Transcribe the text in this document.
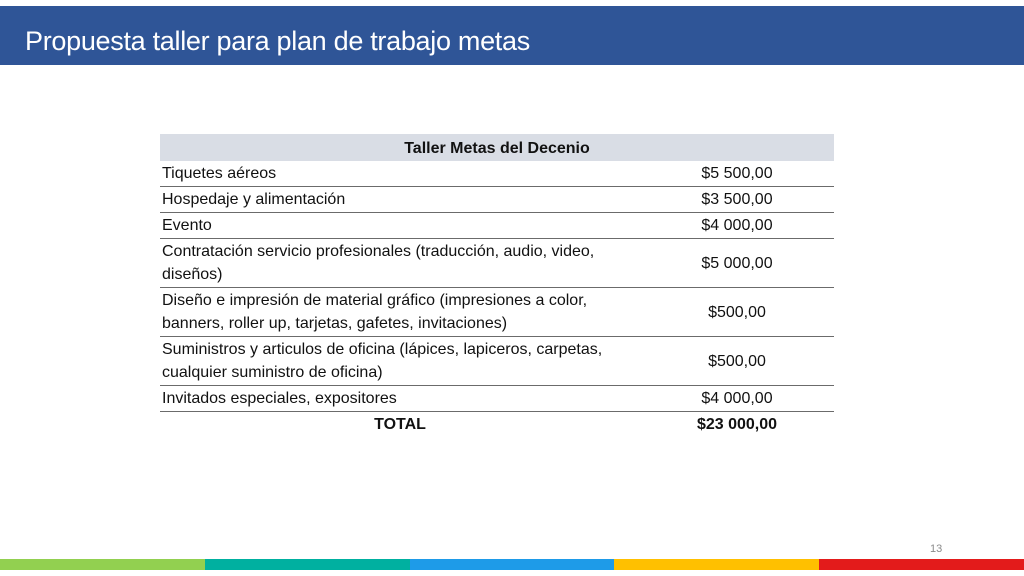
Propuesta taller para plan de trabajo metas
Taller Metas del Decenio	
Tiquetes aéreos	$5 500,00
Hospedaje y alimentación	$3 500,00
Evento	$4 000,00
Contratación servicio profesionales (traducción, audio, video, diseños)	$5 000,00
Diseño e impresión de material gráfico (impresiones a color, banners, roller up, tarjetas, gafetes, invitaciones)	$500,00
Suministros y articulos de oficina (lápices, lapiceros, carpetas, cualquier suministro de oficina)	$500,00
Invitados especiales, expositores	$4 000,00
TOTAL	$23 000,00
13
